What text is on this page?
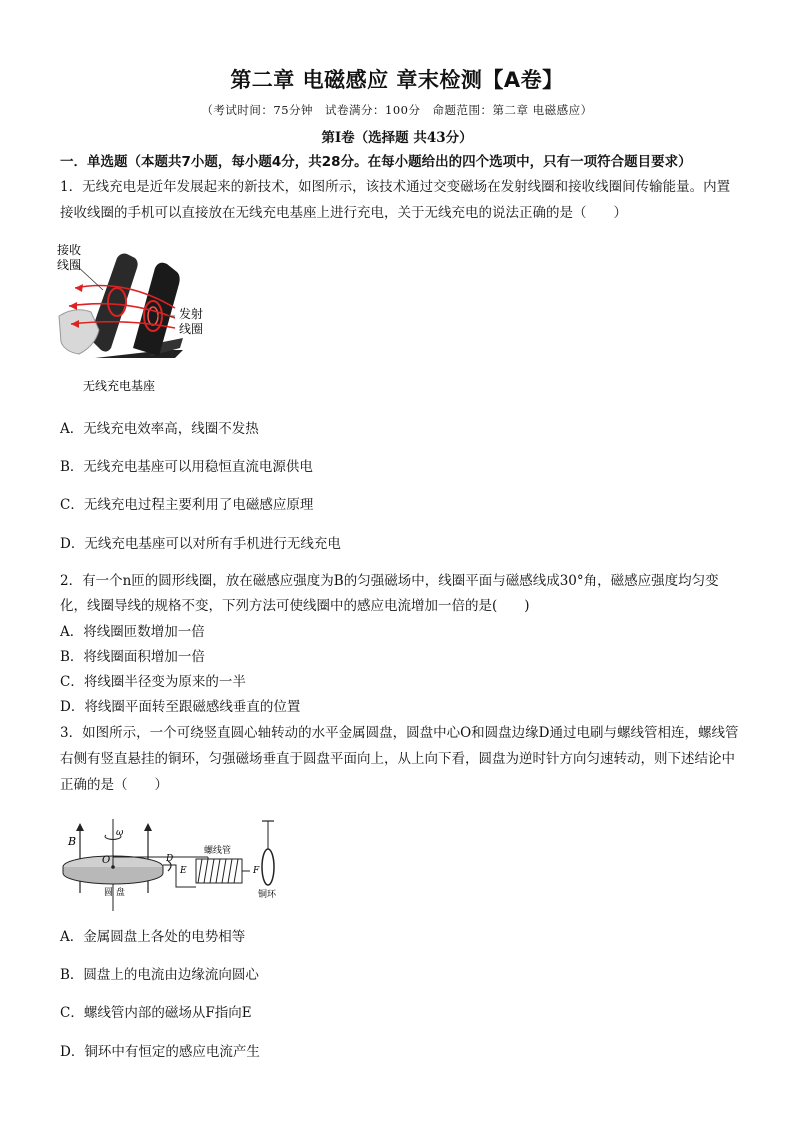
第二章 电磁感应 章末检测【A卷】
（考试时间：75分钟　试卷满分：100分　命题范围：第二章 电磁感应）
第Ⅰ卷（选择题 共43分）
一．单选题（本题共7小题，每小题4分，共28分。在每小题给出的四个选项中，只有一项符合题目要求）
1．无线充电是近年发展起来的新技术，如图所示，该技术通过交变磁场在发射线圈和接收线圈间传输能量。内置接收线圈的手机可以直接放在无线充电基座上进行充电，关于无线充电的说法正确的是（　　）
接收
线圈
发射
线圈
无线充电基座
A．无线充电效率高，线圈不发热
B．无线充电基座可以用稳恒直流电源供电
C．无线充电过程主要利用了电磁感应原理
D．无线充电基座可以对所有手机进行无线充电
2．有一个n匝的圆形线圈，放在磁感应强度为B的匀强磁场中，线圈平面与磁感线成30°角，磁感应强度均匀变化，线圈导线的规格不变，下列方法可使线圈中的感应电流增加一倍的是(　　)
A．将线圈匝数增加一倍
B．将线圈面积增加一倍
C．将线圈半径变为原来的一半
D．将线圈平面转至跟磁感线垂直的位置
3．如图所示，一个可绕竖直圆心轴转动的水平金属圆盘，圆盘中心O和圆盘边缘D通过电刷与螺线管相连，螺线管右侧有竖直悬挂的铜环，匀强磁场垂直于圆盘平面向上，从上向下看，圆盘为逆时针方向匀速转动，则下述结论中正确的是（　　）
B
ω
O	D
E	F
螺线管
圆 盘	铜环
A．金属圆盘上各处的电势相等
B．圆盘上的电流由边缘流向圆心
C．螺线管内部的磁场从F指向E
D．铜环中有恒定的感应电流产生
